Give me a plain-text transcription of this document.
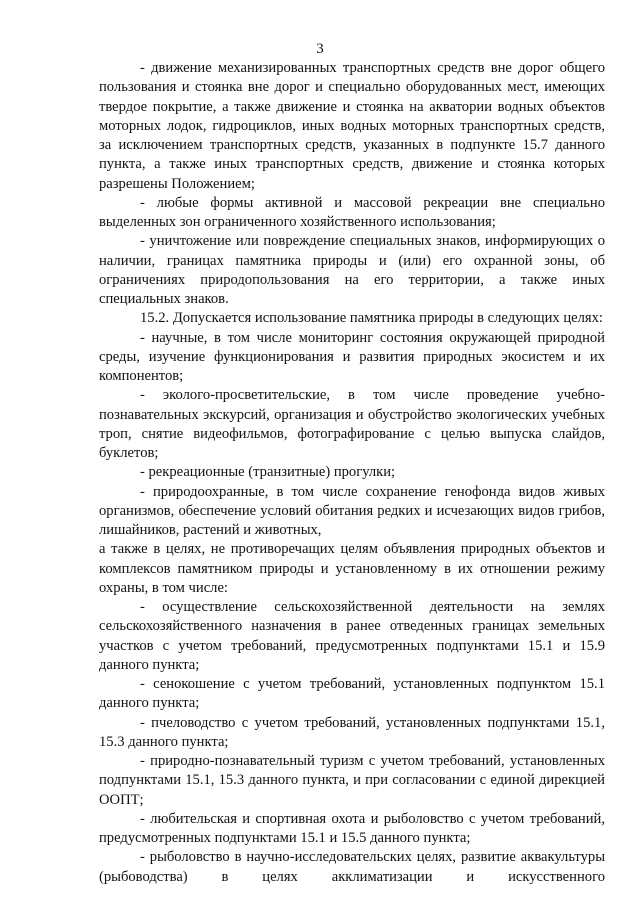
3

- движение механизированных транспортных средств вне дорог общего пользования и стоянка вне дорог и специально оборудованных мест, имеющих твердое покрытие, а также движение и стоянка на акватории водных объектов моторных лодок, гидроциклов, иных водных моторных транспортных средств, за исключением транспортных средств, указанных в подпункте 15.7 данного пункта, а также иных транспортных средств, движение и стоянка которых разрешены Положением;

- любые формы активной и массовой рекреации вне специально выделенных зон ограниченного хозяйственного использования;

- уничтожение или повреждение специальных знаков, информирующих о наличии, границах памятника природы и (или) его охранной зоны, об ограничениях природопользования на его территории, а также иных специальных знаков.

15.2. Допускается использование памятника природы в следующих целях:

- научные, в том числе мониторинг состояния окружающей природной среды, изучение функционирования и развития природных экосистем и их компонентов;

- эколого-просветительские, в том числе проведение учебно-познавательных экскурсий, организация и обустройство экологических учебных троп, снятие видеофильмов, фотографирование с целью выпуска слайдов, буклетов;

- рекреационные (транзитные) прогулки;

- природоохранные, в том числе сохранение генофонда видов живых организмов, обеспечение условий обитания редких и исчезающих видов грибов, лишайников, растений и животных,

а также в целях, не противоречащих целям объявления природных объектов и комплексов памятником природы и установленному в их отношении режиму охраны, в том числе:

- осуществление сельскохозяйственной деятельности на землях сельскохозяйственного назначения в ранее отведенных границах земельных участков с учетом требований, предусмотренных подпунктами 15.1 и 15.9 данного пункта;

- сенокошение с учетом требований, установленных подпунктом 15.1 данного пункта;

- пчеловодство с учетом требований, установленных подпунктами 15.1, 15.3 данного пункта;

- природно-познавательный туризм с учетом требований, установленных подпунктами 15.1, 15.3 данного пункта, и при согласовании с единой дирекцией ООПТ;

- любительская и спортивная охота и рыболовство с учетом требований, предусмотренных подпунктами 15.1 и 15.5 данного пункта;

- рыболовство в научно-исследовательских целях, развитие аквакультуры (рыбоводства) в целях акклиматизации и искусственного
